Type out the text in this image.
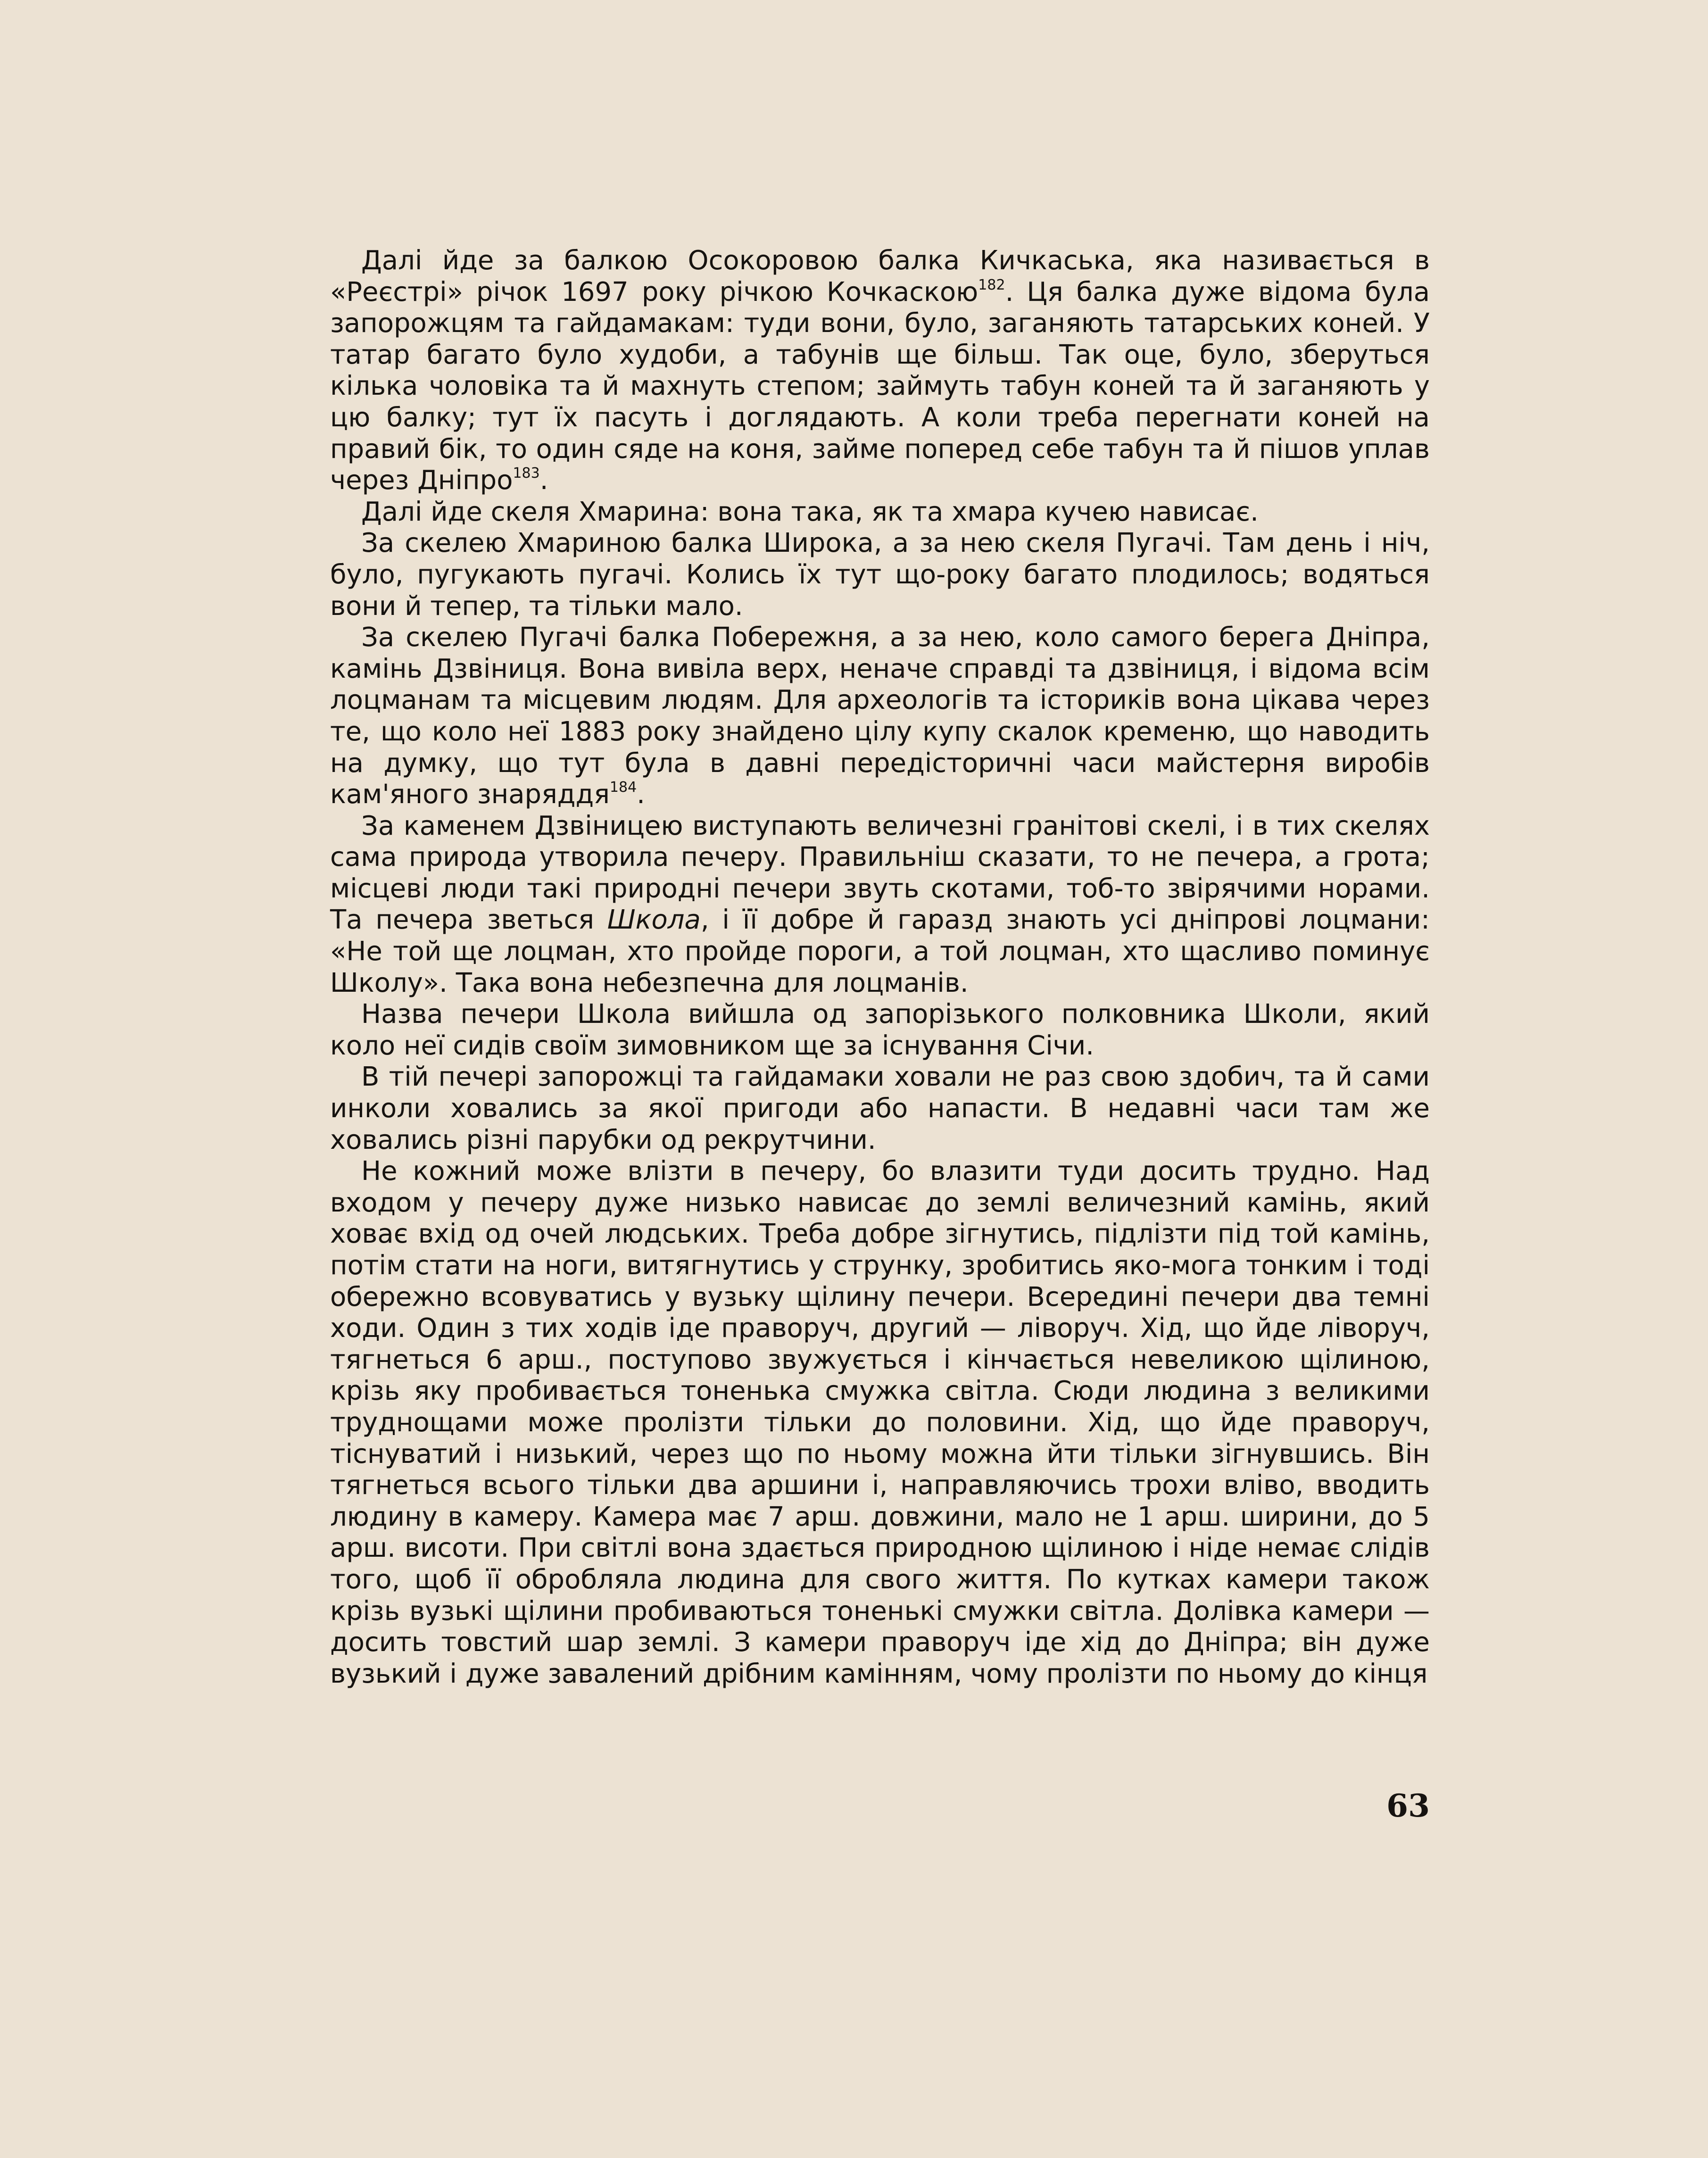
Далі йде за балкою Осокоровою балка Кичкаська, яка називається в «Реєстрі» річок 1697 року річкою Кочкаскою$^{182}$. Ця балка дуже відома була запорожцям та гайдамакам: туди вони, було, заганяють татарських коней. У татар багато було худоби, а табунів ще більш. Так оце, було, зберуться кілька чоловіка та й махнуть степом; займуть табун коней та й заганяють у цю балку; тут їх пасуть і доглядають. А коли треба перегнати коней на правий бік, то один сяде на коня, займе поперед себе табун та й пішов уплав через Дніпро$^{183}$.

Далі йде скеля Хмарина: вона така, як та хмара кучею нависає.

За скелею Хмариною балка Широка, а за нею скеля Пугачі. Там день і ніч, було, пугукають пугачі. Колись їх тут що-року багато плодилось; водяться вони й тепер, та тільки мало.

За скелею Пугачі балка Побережня, а за нею, коло самого берега Дніпра, камінь Дзвіниця. Вона вивіла верх, неначе справді та дзвіниця, і відома всім лоцманам та місцевим людям. Для археологів та істориків вона цікава через те, що коло неї 1883 року знайдено цілу купу скалок кременю, що наводить на думку, що тут була в давні передісторичні часи майстерня виробів кам'яного знаряддя$^{184}$.

За каменем Дзвіницею виступають величезні гранітові скелі, і в тих скелях сама природа утворила печеру. Правильніш сказати, то не печера, а грота; місцеві люди такі природні печери звуть скотами, тоб-то звірячими норами. Та печера зветься Школа, і її добре й гаразд знають усі дніпрові лоцмани: «Не той ще лоцман, хто пройде пороги, а той лоцман, хто щасливо поминує Школу». Така вона небезпечна для лоцманів.

Назва печери Школа вийшла од запорізького полковника Школи, який коло неї сидів своїм зимовником ще за існування Січи.

В тій печері запорожці та гайдамаки ховали не раз свою здобич, та й сами инколи ховались за якої пригоди або напасти. В недавні часи там же ховались різні парубки од рекрутчини.

Не кожний може влізти в печеру, бо влазити туди досить трудно. Над входом у печеру дуже низько нависає до землі величезний камінь, який ховає вхід од очей людських. Треба добре зігнутись, підлізти під той камінь, потім стати на ноги, витягнутись у струнку, зробитись яко-мога тонким і тоді обережно всовуватись у вузьку щілину печери. Всередині печери два темні ходи. Один з тих ходів іде праворуч, другий — ліворуч. Хід, що йде ліворуч, тягнеться 6 арш., поступово звужується і кінчається невеликою щілиною, крізь яку пробивається тоненька смужка світла. Сюди людина з великими труднощами може пролізти тільки до половини. Хід, що йде праворуч, тіснуватий і низький, через що по ньому можна йти тільки зігнувшись. Він тягнеться всього тільки два аршини і, направляючись трохи вліво, вводить людину в камеру. Камера має 7 арш. довжини, мало не 1 арш. ширини, до 5 арш. висоти. При світлі вона здається природною щілиною і ніде немає слідів того, щоб її обробляла людина для свого життя. По кутках камери також крізь вузькі щілини пробиваються тоненькі смужки світла. Долівка камери — досить товстий шар землі. З камери праворуч іде хід до Дніпра; він дуже вузький і дуже завалений дрібним камінням, чому пролізти по ньому до кінця

63
